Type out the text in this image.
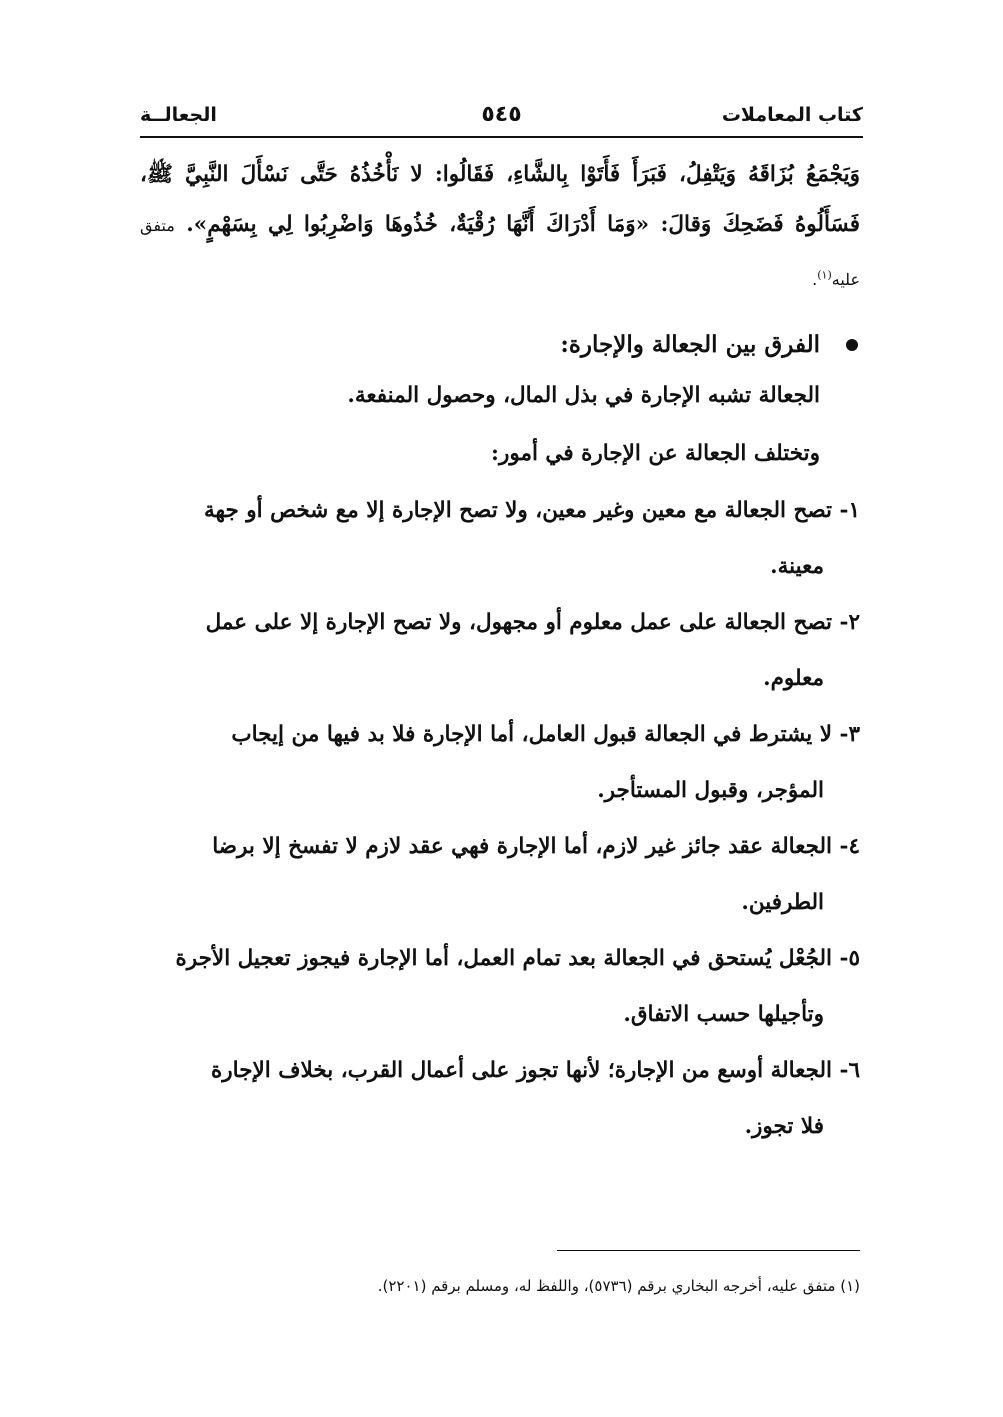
كتاب المعاملات
٥٤٥
الجعالــة

وَيَجْمَعُ بُزَاقَهُ وَيَتْفِلُ، فَبَرَأَ فَأَتَوْا بِالشَّاءِ، فَقَالُوا: لا نَأْخُذُهُ حَتَّى نَسْأَلَ النَّبِيَّ ﷺ، فَسَأَلُوهُ فَضَحِكَ وَقالَ: «وَمَا أَدْرَاكَ أَنَّهَا رُقْيَةٌ، خُذُوهَا وَاضْرِبُوا لِي بِسَهْمٍ». متفق عليه$^{(١)}$.

الفرق بين الجعالة والإجارة:

الجعالة تشبه الإجارة في بذل المال، وحصول المنفعة.

وتختلف الجعالة عن الإجارة في أمور:

١- تصح الجعالة مع معين وغير معين، ولا تصح الإجارة إلا مع شخص أو جهة
معينة.
٢- تصح الجعالة على عمل معلوم أو مجهول، ولا تصح الإجارة إلا على عمل
معلوم.
٣- لا يشترط في الجعالة قبول العامل، أما الإجارة فلا بد فيها من إيجاب
المؤجر، وقبول المستأجر.
٤- الجعالة عقد جائز غير لازم، أما الإجارة فهي عقد لازم لا تفسخ إلا برضا
الطرفين.
٥- الجُعْل يُستحق في الجعالة بعد تمام العمل، أما الإجارة فيجوز تعجيل الأجرة
وتأجيلها حسب الاتفاق.
٦- الجعالة أوسع من الإجارة؛ لأنها تجوز على أعمال القرب، بخلاف الإجارة
فلا تجوز.
(١) متفق عليه، أخرجه البخاري برقم (٥٧٣٦)، واللفظ له، ومسلم برقم (٢٢٠١).
